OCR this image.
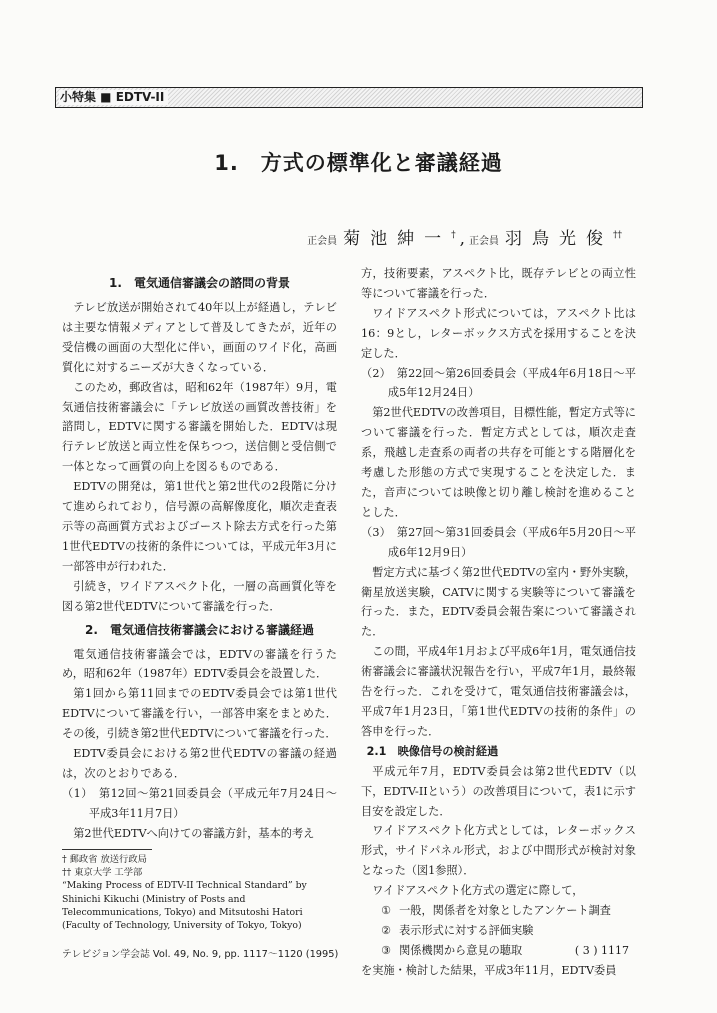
小特集 ■ EDTV-II
1.　方式の標準化と審議経過
正会員 菊池紳一† , 正会員 羽鳥光俊††
1.　電気通信審議会の諮問の背景

テレビ放送が開始されて40年以上が経過し，テレビは主要な情報メディアとして普及してきたが，近年の受信機の画面の大型化に伴い，画面のワイド化，高画質化に対するニーズが大きくなっている．

このため，郵政省は，昭和62年（1987年）9月，電気通信技術審議会に「テレビ放送の画質改善技術」を諮問し，EDTVに関する審議を開始した．EDTVは現行テレビ放送と両立性を保ちつつ，送信側と受信側で一体となって画質の向上を図るものである．

EDTVの開発は，第1世代と第2世代の2段階に分けて進められており，信号源の高解像度化，順次走査表示等の高画質方式およびゴースト除去方式を行った第1世代EDTVの技術的条件については，平成元年3月に一部答申が行われた．

引続き，ワイドアスペクト化，一層の高画質化等を図る第2世代EDTVについて審議を行った．

2.　電気通信技術審議会における審議経過

電気通信技術審議会では，EDTVの審議を行うため，昭和62年（1987年）EDTV委員会を設置した．

第1回から第11回までのEDTV委員会では第1世代EDTVについて審議を行い，一部答申案をまとめた．その後，引続き第2世代EDTVについて審議を行った．

EDTV委員会における第2世代EDTVの審議の経過は，次のとおりである．

（1）　第12回〜第21回委員会（平成元年7月24日〜平成3年11月7日）

第2世代EDTVへ向けての審議方針，基本的考え

方，技術要素，アスペクト比，既存テレビとの両立性等について審議を行った．

ワイドアスペクト形式については，アスペクト比は16：9とし，レターボックス方式を採用することを決定した．

（2）　第22回〜第26回委員会（平成4年6月18日〜平成5年12月24日）

第2世代EDTVの改善項目，目標性能，暫定方式等について審議を行った．暫定方式としては，順次走査系，飛越し走査系の両者の共存を可能とする階層化を考慮した形態の方式で実現することを決定した．また，音声については映像と切り離し検討を進めることとした．

（3）　第27回〜第31回委員会（平成6年5月20日〜平成6年12月9日）

暫定方式に基づく第2世代EDTVの室内・野外実験，衛星放送実験，CATVに関する実験等について審議を行った．また，EDTV委員会報告案について審議された．

この間，平成4年1月および平成6年1月，電気通信技術審議会に審議状況報告を行い，平成7年1月，最終報告を行った．これを受けて，電気通信技術審議会は，平成7年1月23日，「第1世代EDTVの技術的条件」の答申を行った．

2.1　映像信号の検討経過

平成元年7月，EDTV委員会は第2世代EDTV（以下，EDTV-IIという）の改善項目について，表1に示す目安を設定した．

ワイドアスペクト化方式としては，レターボックス形式，サイドパネル形式，および中間形式が検討対象となった（図1参照）．

ワイドアスペクト化方式の選定に際して，

① 一般，関係者を対象としたアンケート調査
② 表示形式に対する評価実験
③ 関係機関から意見の聴取

を実施・検討した結果，平成3年11月，EDTV委員

† 郵政省 放送行政局
†† 東京大学 工学部
“Making Process of EDTV-II Technical Standard” by Shinichi Kikuchi (Ministry of Posts and Telecommunications, Tokyo) and Mitsutoshi Hatori (Faculty of Technology, University of Tokyo, Tokyo)
テレビジョン学会誌 Vol. 49, No. 9, pp. 1117〜1120 (1995)	( 3 ) 1117
